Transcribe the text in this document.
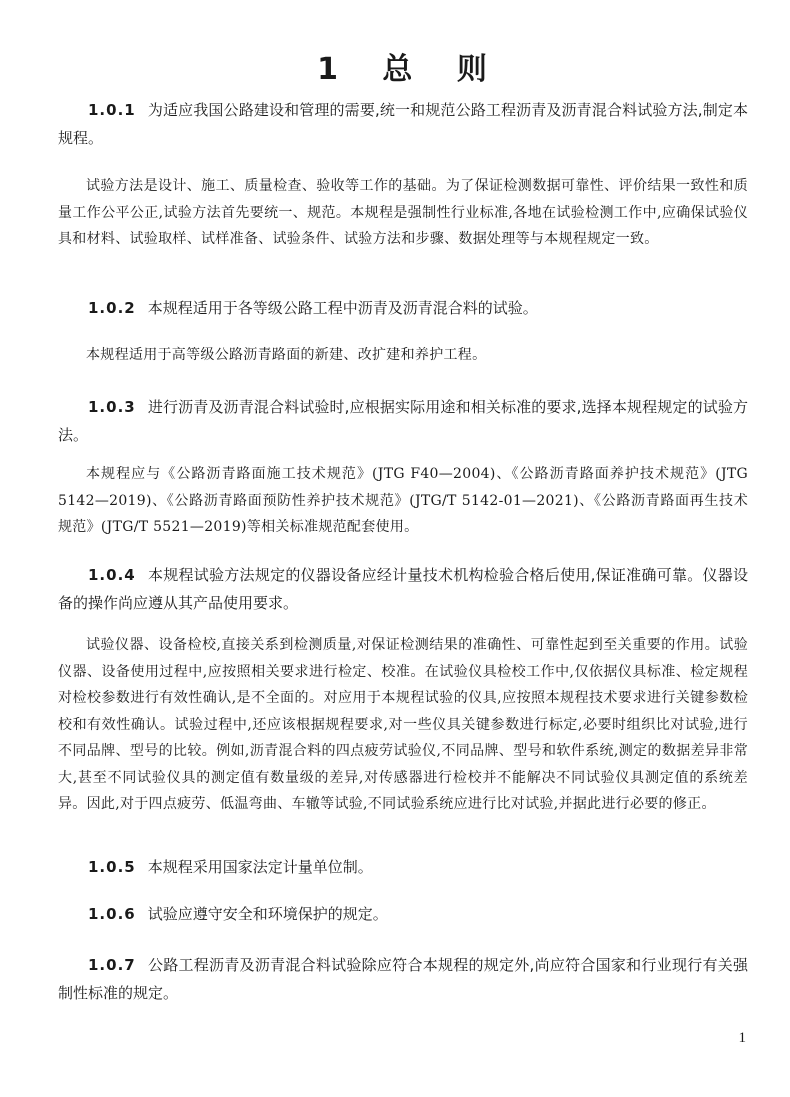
1 总 则
1.0.1 为适应我国公路建设和管理的需要,统一和规范公路工程沥青及沥青混合料试验方法,制定本规程。
试验方法是设计、施工、质量检查、验收等工作的基础。为了保证检测数据可靠性、评价结果一致性和质量工作公平公正,试验方法首先要统一、规范。本规程是强制性行业标准,各地在试验检测工作中,应确保试验仪具和材料、试验取样、试样准备、试验条件、试验方法和步骤、数据处理等与本规程规定一致。
1.0.2 本规程适用于各等级公路工程中沥青及沥青混合料的试验。
本规程适用于高等级公路沥青路面的新建、改扩建和养护工程。
1.0.3 进行沥青及沥青混合料试验时,应根据实际用途和相关标准的要求,选择本规程规定的试验方法。
本规程应与《公路沥青路面施工技术规范》(JTG F40—2004)、《公路沥青路面养护技术规范》(JTG 5142—2019)、《公路沥青路面预防性养护技术规范》(JTG/T 5142-01—2021)、《公路沥青路面再生技术规范》(JTG/T 5521—2019)等相关标准规范配套使用。
1.0.4 本规程试验方法规定的仪器设备应经计量技术机构检验合格后使用,保证准确可靠。仪器设备的操作尚应遵从其产品使用要求。
试验仪器、设备检校,直接关系到检测质量,对保证检测结果的准确性、可靠性起到至关重要的作用。试验仪器、设备使用过程中,应按照相关要求进行检定、校准。在试验仪具检校工作中,仅依据仪具标准、检定规程对检校参数进行有效性确认,是不全面的。对应用于本规程试验的仪具,应按照本规程技术要求进行关键参数检校和有效性确认。试验过程中,还应该根据规程要求,对一些仪具关键参数进行标定,必要时组织比对试验,进行不同品牌、型号的比较。例如,沥青混合料的四点疲劳试验仪,不同品牌、型号和软件系统,测定的数据差异非常大,甚至不同试验仪具的测定值有数量级的差异,对传感器进行检校并不能解决不同试验仪具测定值的系统差异。因此,对于四点疲劳、低温弯曲、车辙等试验,不同试验系统应进行比对试验,并据此进行必要的修正。
1.0.5 本规程采用国家法定计量单位制。
1.0.6 试验应遵守安全和环境保护的规定。
1.0.7 公路工程沥青及沥青混合料试验除应符合本规程的规定外,尚应符合国家和行业现行有关强制性标准的规定。
1
